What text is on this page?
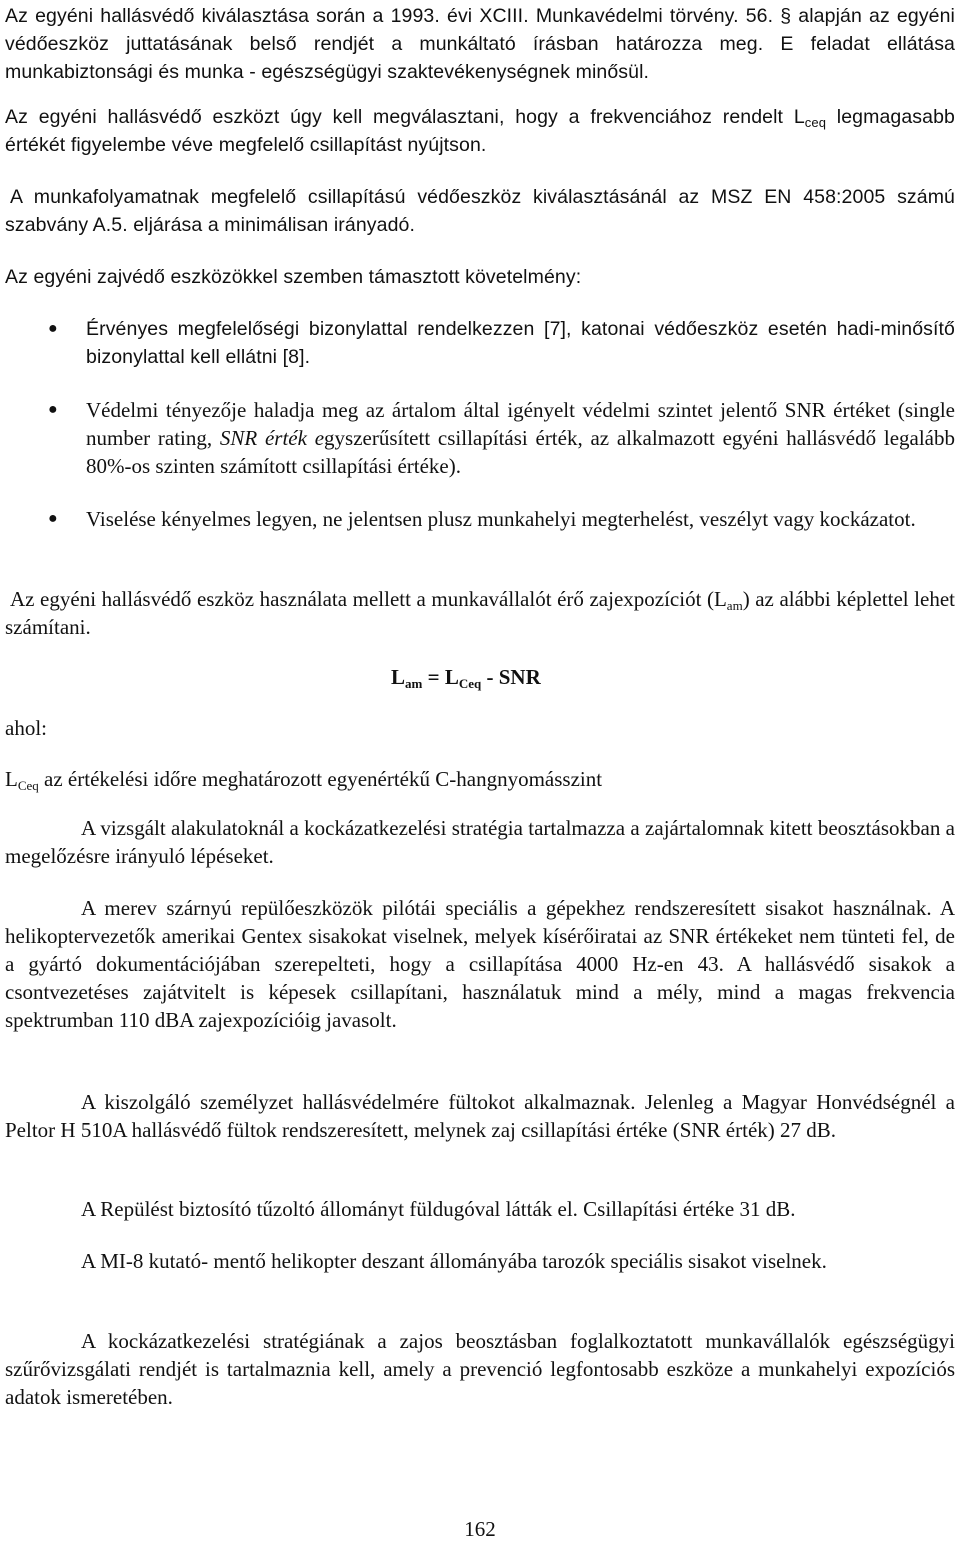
Az egyéni hallásvédő kiválasztása során a 1993. évi XCIII. Munkavédelmi törvény. 56. § alapján az egyéni védőeszköz juttatásának belső rendjét a munkáltató írásban határozza meg. E feladat ellátása munkabiztonsági és munka - egészségügyi szaktevékenységnek minősül.

Az egyéni hallásvédő eszközt úgy kell megválasztani, hogy a frekvenciához rendelt $L_{ceq}$ legmagasabb értékét figyelembe véve megfelelő csillapítást nyújtson.

A munkafolyamatnak megfelelő csillapítású védőeszköz kiválasztásánál az MSZ EN 458:2005 számú szabvány A.5. eljárása a minimálisan irányadó.

Az egyéni zajvédő eszközökkel szemben támasztott követelmény:

● Érvényes megfelelőségi bizonylattal rendelkezzen [7], katonai védőeszköz esetén hadi-minősítő bizonylattal kell ellátni [8].

● Védelmi tényezője haladja meg az ártalom által igényelt védelmi szintet jelentő SNR értéket (single number rating, SNR érték egyszerűsített csillapítási érték, az alkalmazott egyéni hallásvédő legalább 80%-os szinten számított csillapítási értéke).

● Viselése kényelmes legyen, ne jelentsen plusz munkahelyi megterhelést, veszélyt vagy kockázatot.

Az egyéni hallásvédő eszköz használata mellett a munkavállalót érő zajexpozíciót $(L_{am})$ az alábbi képlettel lehet számítani.

$L_{am} = L_{Ceq}$ - SNR
ahol:

$L_{Ceq}$ az értékelési időre meghatározott egyenértékű C-hangnyomásszint

A vizsgált alakulatoknál a kockázatkezelési stratégia tartalmazza a zajártalomnak kitett beosztásokban a megelőzésre irányuló lépéseket.

A merev szárnyú repülőeszközök pilótái speciális a gépekhez rendszeresített sisakot használnak. A helikoptervezetők amerikai Gentex sisakokat viselnek, melyek kísérőiratai az SNR értékeket nem tünteti fel, de a gyártó dokumentációjában szerepelteti, hogy a csillapítása 4000 Hz-en 43. A hallásvédő sisakok a csontvezetéses zajátvitelt is képesek csillapítani, használatuk mind a mély, mind a magas frekvencia spektrumban 110 dBA zajexpozícióig javasolt.

A kiszolgáló személyzet hallásvédelmére fültokot alkalmaznak. Jelenleg a Magyar Honvédségnél a Peltor H 510A hallásvédő fültok rendszeresített, melynek zaj csillapítási értéke (SNR érték) 27 dB.

A Repülést biztosító tűzoltó állományt füldugóval látták el. Csillapítási értéke 31 dB.

A MI-8 kutató- mentő helikopter deszant állományába tarozók speciális sisakot viselnek.

A kockázatkezelési stratégiának a zajos beosztásban foglalkoztatott munkavállalók egészségügyi szűrővizsgálati rendjét is tartalmaznia kell, amely a prevenció legfontosabb eszköze a munkahelyi expozíciós adatok ismeretében.

162
